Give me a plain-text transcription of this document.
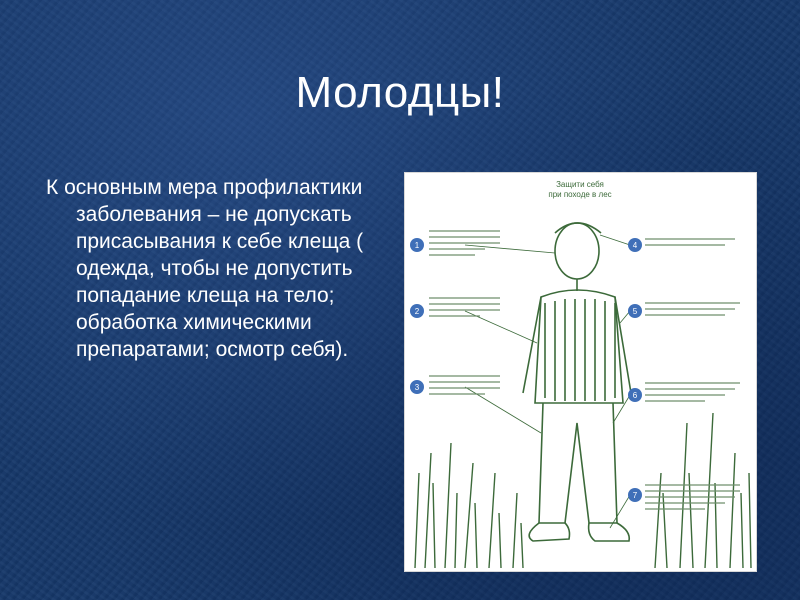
Молодцы!
К основным мера профилактики заболевания – не допускать присасывания к себе клеща ( одежда, чтобы не допустить попадание клеща на тело; обработка химическими препаратами; осмотр себя).
Защити себя
при походе в лес
1
2
3
4
5
6
7
